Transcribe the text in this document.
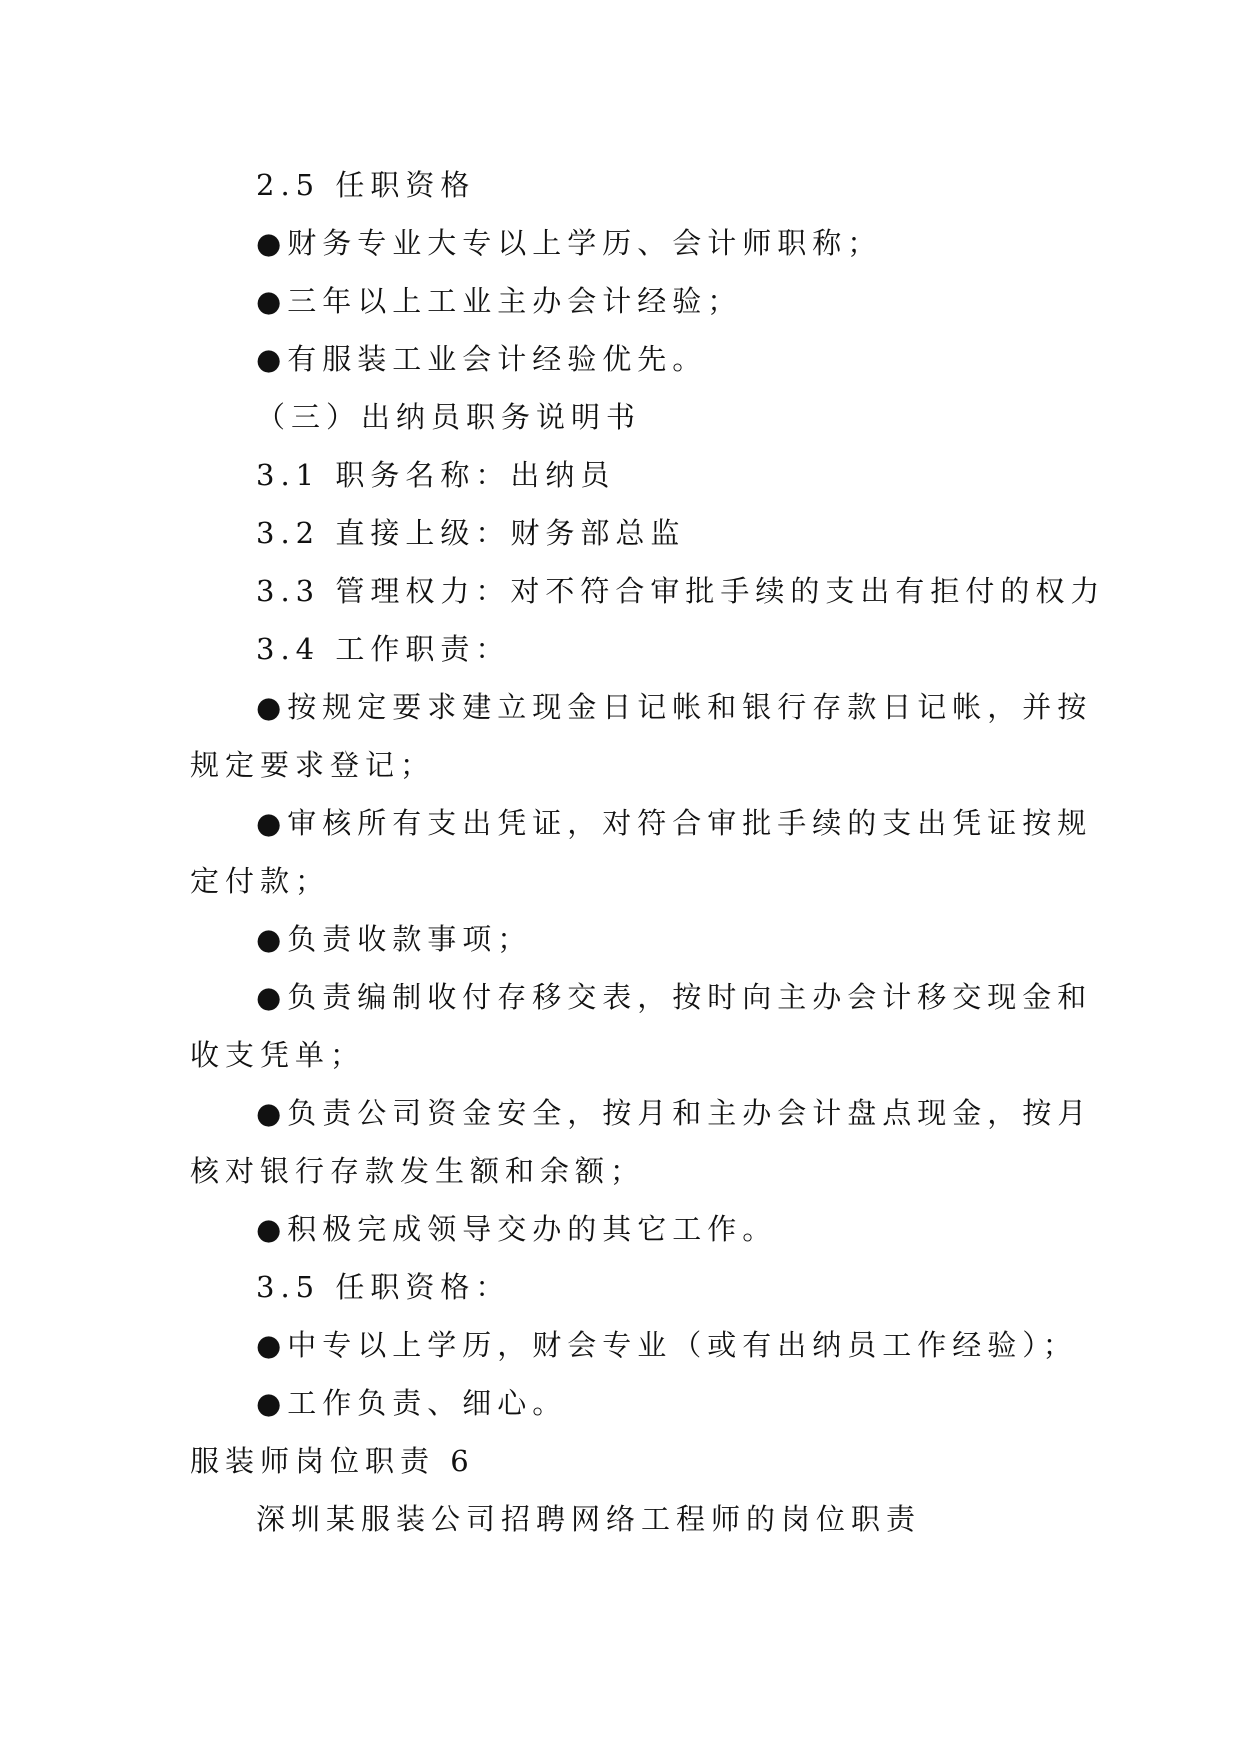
2.5 任职资格
●财务专业大专以上学历、会计师职称；
●三年以上工业主办会计经验；
●有服装工业会计经验优先。
（三）出纳员职务说明书
3.1 职务名称：出纳员
3.2 直接上级：财务部总监
3.3 管理权力：对不符合审批手续的支出有拒付的权力
3.4 工作职责：
●按规定要求建立现金日记帐和银行存款日记帐，并按
规定要求登记；
●审核所有支出凭证，对符合审批手续的支出凭证按规
定付款；
●负责收款事项；
●负责编制收付存移交表，按时向主办会计移交现金和
收支凭单；
●负责公司资金安全，按月和主办会计盘点现金，按月
核对银行存款发生额和余额；
●积极完成领导交办的其它工作。
3.5 任职资格：
●中专以上学历，财会专业（或有出纳员工作经验）；
●工作负责、细心。
服装师岗位职责 6
深圳某服装公司招聘网络工程师的岗位职责
